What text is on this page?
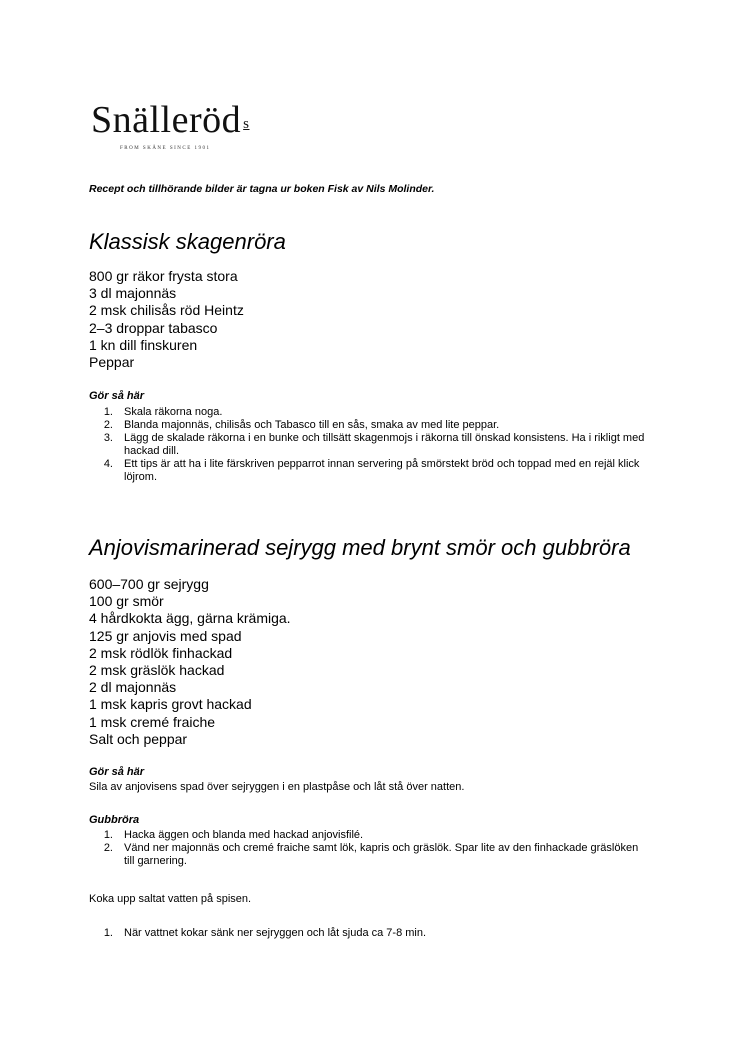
Snälleröd s
FROM SKÅNE SINCE 1901
Recept och tillhörande bilder är tagna ur boken Fisk av Nils Molinder.
Klassisk skagenröra
800 gr räkor frysta stora
3 dl majonnäs
2 msk chilisås röd Heintz
2–3 droppar tabasco
1 kn dill finskuren
Peppar
Gör så här
1.	Skala räkorna noga.
2.	Blanda majonnäs, chilisås och Tabasco till en sås, smaka av med lite peppar.
3.	Lägg de skalade räkorna i en bunke och tillsätt skagenmojs i räkorna till önskad konsistens. Ha i rikligt med hackad dill.
4.	Ett tips är att ha i lite färskriven pepparrot innan servering på smörstekt bröd och toppad med en rejäl klick löjrom.
Anjovismarinerad sejrygg med brynt smör och gubbröra
600–700 gr sejrygg
100 gr smör
4 hårdkokta ägg, gärna krämiga.
125 gr anjovis med spad
2 msk rödlök finhackad
2 msk gräslök hackad
2 dl majonnäs
1 msk kapris grovt hackad
1 msk cremé fraiche
Salt och peppar
Gör så här
Sila av anjovisens spad över sejryggen i en plastpåse och låt stå över natten.
Gubbröra
1.	Hacka äggen och blanda med hackad anjovisfilé.
2.	Vänd ner majonnäs och cremé fraiche samt lök, kapris och gräslök. Spar lite av den finhackade gräslöken till garnering.
Koka upp saltat vatten på spisen.
1.	När vattnet kokar sänk ner sejryggen och låt sjuda ca 7-8 min.
